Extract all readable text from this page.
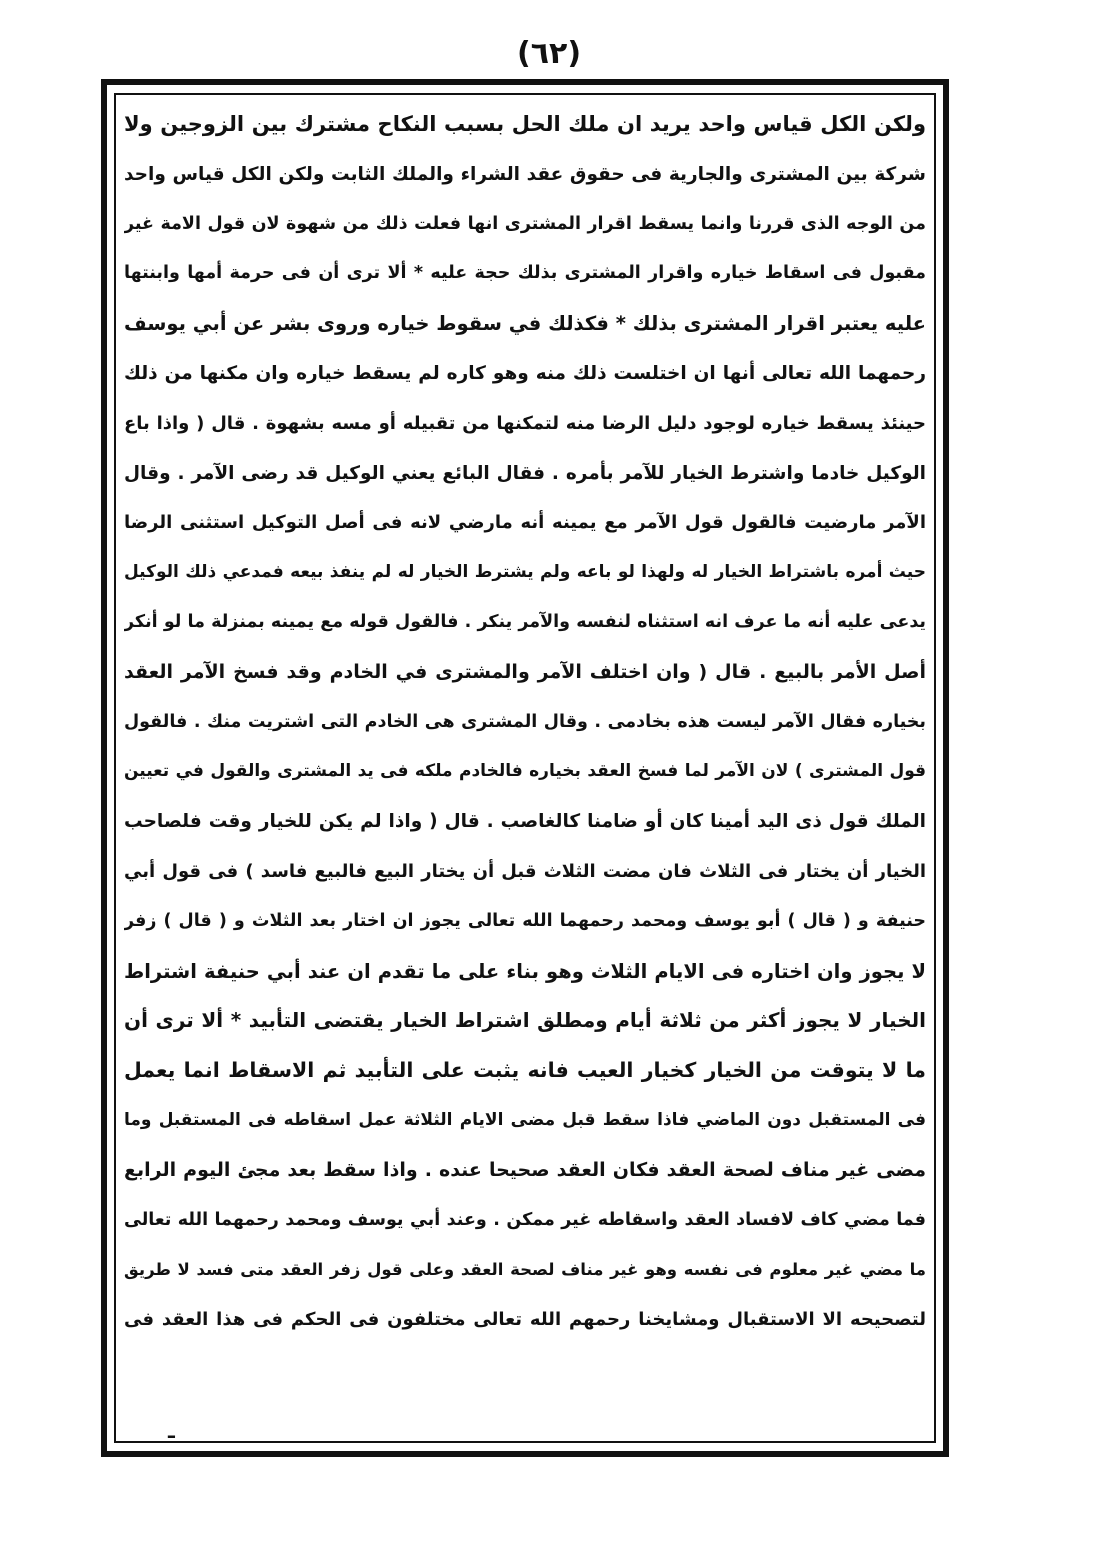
(٦٢)
ولكن الكل قياس واحد يريد ان ملك الحل بسبب النكاح مشترك بين الزوجين ولا
شركة بين المشترى والجارية فى حقوق عقد الشراء والملك الثابت ولكن الكل قياس واحد
من الوجه الذى قررنا وانما يسقط اقرار المشترى انها فعلت ذلك من شهوة لان قول الامة غير
مقبول فى اسقاط خياره واقرار المشترى بذلك حجة عليه * ألا ترى أن فى حرمة أمها وابنتها
عليه يعتبر اقرار المشترى بذلك * فكذلك في سقوط خياره وروى بشر عن أبي يوسف
رحمهما الله تعالى أنها ان اختلست ذلك منه وهو كاره لم يسقط خياره وان مكنها من ذلك
حينئذ يسقط خياره لوجود دليل الرضا منه لتمكنها من تقبيله أو مسه بشهوة . قال ( واذا باع
الوكيل خادما واشترط الخيار للآمر بأمره . فقال البائع يعني الوكيل قد رضى الآمر . وقال
الآمر مارضيت فالقول قول الآمر مع يمينه أنه مارضي لانه فى أصل التوكيل استثنى الرضا
حيث أمره باشتراط الخيار له ولهذا لو باعه ولم يشترط الخيار له لم ينفذ بيعه فمدعي ذلك الوكيل
يدعى عليه أنه ما عرف انه استثناه لنفسه والآمر ينكر . فالقول قوله مع يمينه بمنزلة ما لو أنكر
أصل الأمر بالبيع . قال ( وان اختلف الآمر والمشترى في الخادم وقد فسخ الآمر العقد
بخياره فقال الآمر ليست هذه بخادمى . وقال المشترى هى الخادم التى اشتريت منك . فالقول
قول المشترى ) لان الآمر لما فسخ العقد بخياره فالخادم ملكه فى يد المشترى والقول في تعيين
الملك قول ذى اليد أمينا كان أو ضامنا كالغاصب . قال ( واذا لم يكن للخيار وقت فلصاحب
الخيار أن يختار فى الثلاث فان مضت الثلاث قبل أن يختار البيع فالبيع فاسد ) فى قول أبي
حنيفة و ( قال ) أبو يوسف ومحمد رحمهما الله تعالى يجوز ان اختار بعد الثلاث و ( قال ) زفر
لا يجوز وان اختاره فى الايام الثلاث وهو بناء على ما تقدم ان عند أبي حنيفة اشتراط
الخيار لا يجوز أكثر من ثلاثة أيام ومطلق اشتراط الخيار يقتضى التأبيد * ألا ترى أن
ما لا يتوقت من الخيار كخيار العيب فانه يثبت على التأبيد ثم الاسقاط انما يعمل
فى المستقبل دون الماضي فاذا سقط قبل مضى الايام الثلاثة عمل اسقاطه فى المستقبل وما
مضى غير مناف لصحة العقد فكان العقد صحيحا عنده . واذا سقط بعد مجئ اليوم الرابع
فما مضي كاف لافساد العقد واسقاطه غير ممكن . وعند أبي يوسف ومحمد رحمهما الله تعالى
ما مضي غير معلوم فى نفسه وهو غير مناف لصحة العقد وعلى قول زفر العقد متى فسد لا طريق
لتصحيحه الا الاستقبال ومشايخنا رحمهم الله تعالى مختلفون فى الحكم فى هذا العقد فى
ـ
